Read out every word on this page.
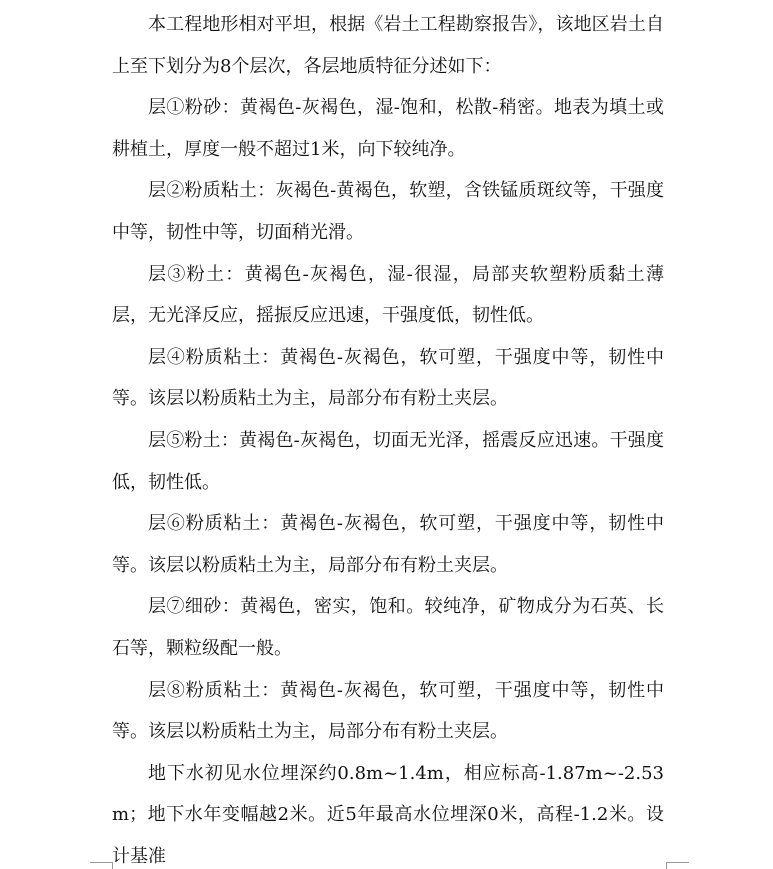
本工程地形相对平坦，根据《岩土工程勘察报告》，该地区岩土自上至下划分为8个层次，各层地质特征分述如下：

层①粉砂：黄褐色-灰褐色，湿-饱和，松散-稍密。地表为填土或耕植土，厚度一般不超过1米，向下较纯净。

层②粉质粘土：灰褐色-黄褐色，软塑，含铁锰质斑纹等，干强度中等，韧性中等，切面稍光滑。

层③粉土：黄褐色-灰褐色，湿-很湿，局部夹软塑粉质黏土薄层，无光泽反应，摇振反应迅速，干强度低，韧性低。

层④粉质粘土：黄褐色-灰褐色，软可塑，干强度中等，韧性中等。该层以粉质粘土为主，局部分布有粉土夹层。

层⑤粉土：黄褐色-灰褐色，切面无光泽，摇震反应迅速。干强度低，韧性低。

层⑥粉质粘土：黄褐色-灰褐色，软可塑，干强度中等，韧性中等。该层以粉质粘土为主，局部分布有粉土夹层。

层⑦细砂：黄褐色，密实，饱和。较纯净，矿物成分为石英、长石等，颗粒级配一般。

层⑧粉质粘土：黄褐色-灰褐色，软可塑，干强度中等，韧性中等。该层以粉质粘土为主，局部分布有粉土夹层。

地下水初见水位埋深约0.8m~1.4m，相应标高-1.87m~-2.53m；地下水年变幅越2米。近5年最高水位埋深0米，高程-1.2米。设计基准
